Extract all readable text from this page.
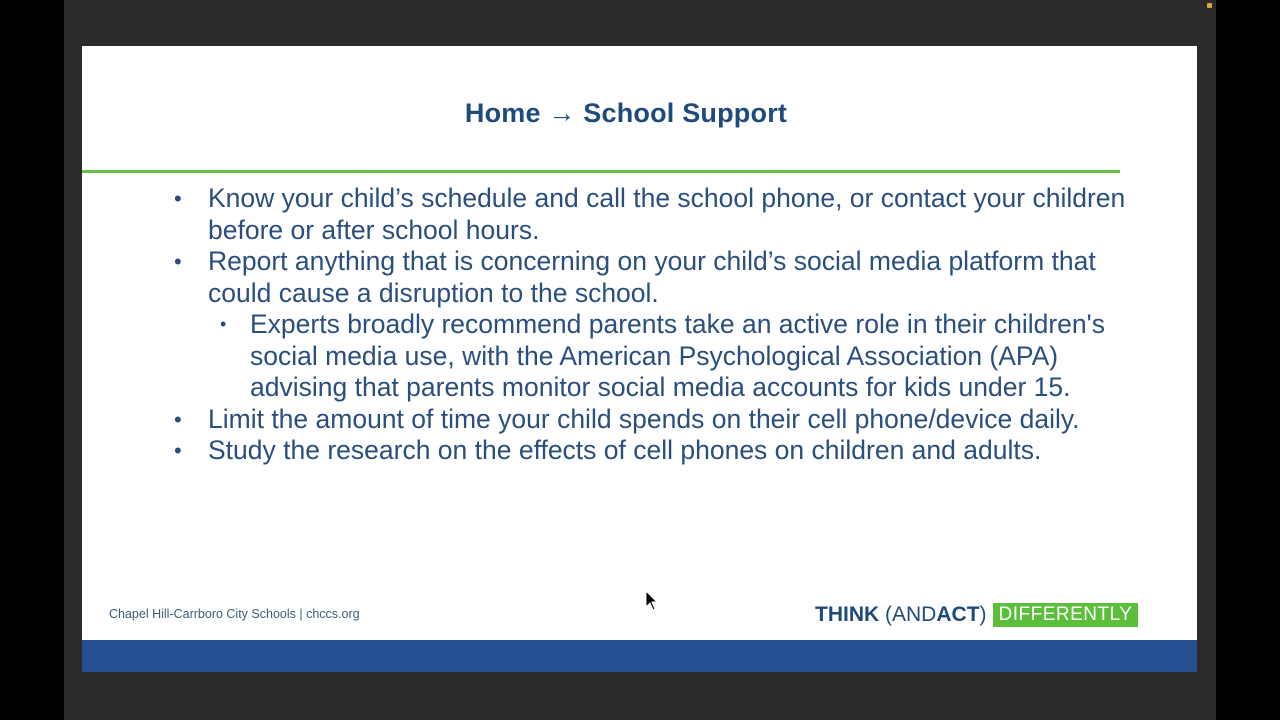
Home → School Support
• Know your child’s schedule and call the school phone, or contact your children before or after school hours.
• Report anything that is concerning on your child’s social media platform that could cause a disruption to the school.
• Experts broadly recommend parents take an active role in their children's social media use, with the American Psychological Association (APA) advising that parents monitor social media accounts for kids under 15.
• Limit the amount of time your child spends on their cell phone/device daily.
• Study the research on the effects of cell phones on children and adults.
Chapel Hill-Carrboro City Schools | chccs.org	THINK
(AND ACT ) DIFFERENTLY
